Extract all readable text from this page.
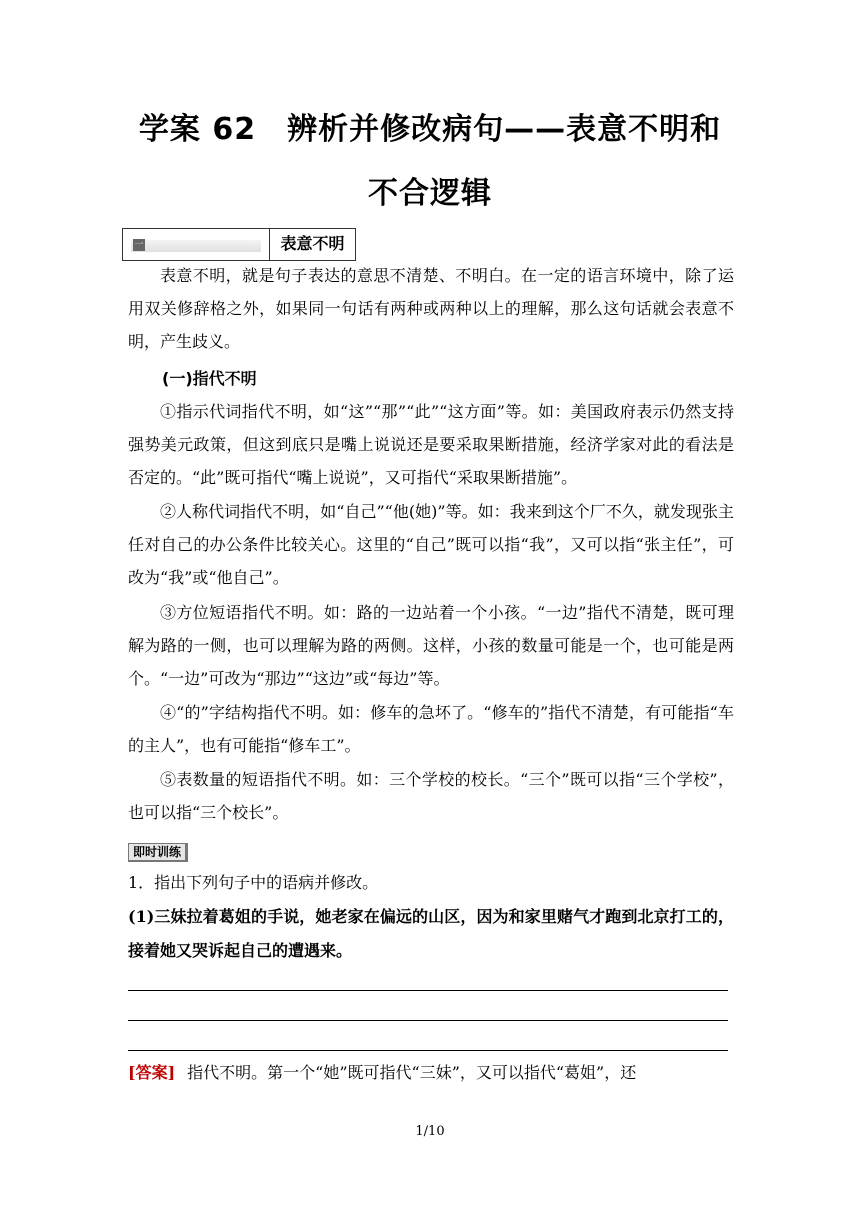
学案 62　辨析并修改病句——表意不明和
不合逻辑
一	表意不明

表意不明，就是句子表达的意思不清楚、不明白。在一定的语言环境中，除了运用双关修辞格之外，如果同一句话有两种或两种以上的理解，那么这句话就会表意不明，产生歧义。

(一)指代不明

①指示代词指代不明，如“这”“那”“此”“这方面”等。如：美国政府表示仍然支持强势美元政策，但这到底只是嘴上说说还是要采取果断措施，经济学家对此的看法是否定的。“此”既可指代“嘴上说说”，又可指代“采取果断措施”。

②人称代词指代不明，如“自己”“他(她)”等。如：我来到这个厂不久，就发现张主任对自己的办公条件比较关心。这里的“自己”既可以指“我”，又可以指“张主任”，可改为“我”或“他自己”。

③方位短语指代不明。如：路的一边站着一个小孩。“一边”指代不清楚，既可理解为路的一侧，也可以理解为路的两侧。这样，小孩的数量可能是一个，也可能是两个。“一边”可改为“那边”“这边”或“每边”等。

④“的”字结构指代不明。如：修车的急坏了。“修车的”指代不清楚，有可能指“车的主人”，也有可能指“修车工”。

⑤表数量的短语指代不明。如：三个学校的校长。“三个”既可以指“三个学校”，也可以指“三个校长”。

即时训练

1．指出下列句子中的语病并修改。

(1)三妹拉着葛姐的手说，她老家在偏远的山区，因为和家里赌气才跑到北京打工的，接着她又哭诉起自己的遭遇来。

[答案] 指代不明。第一个“她”既可指代“三妹”，又可以指代“葛姐”，还

1/10
